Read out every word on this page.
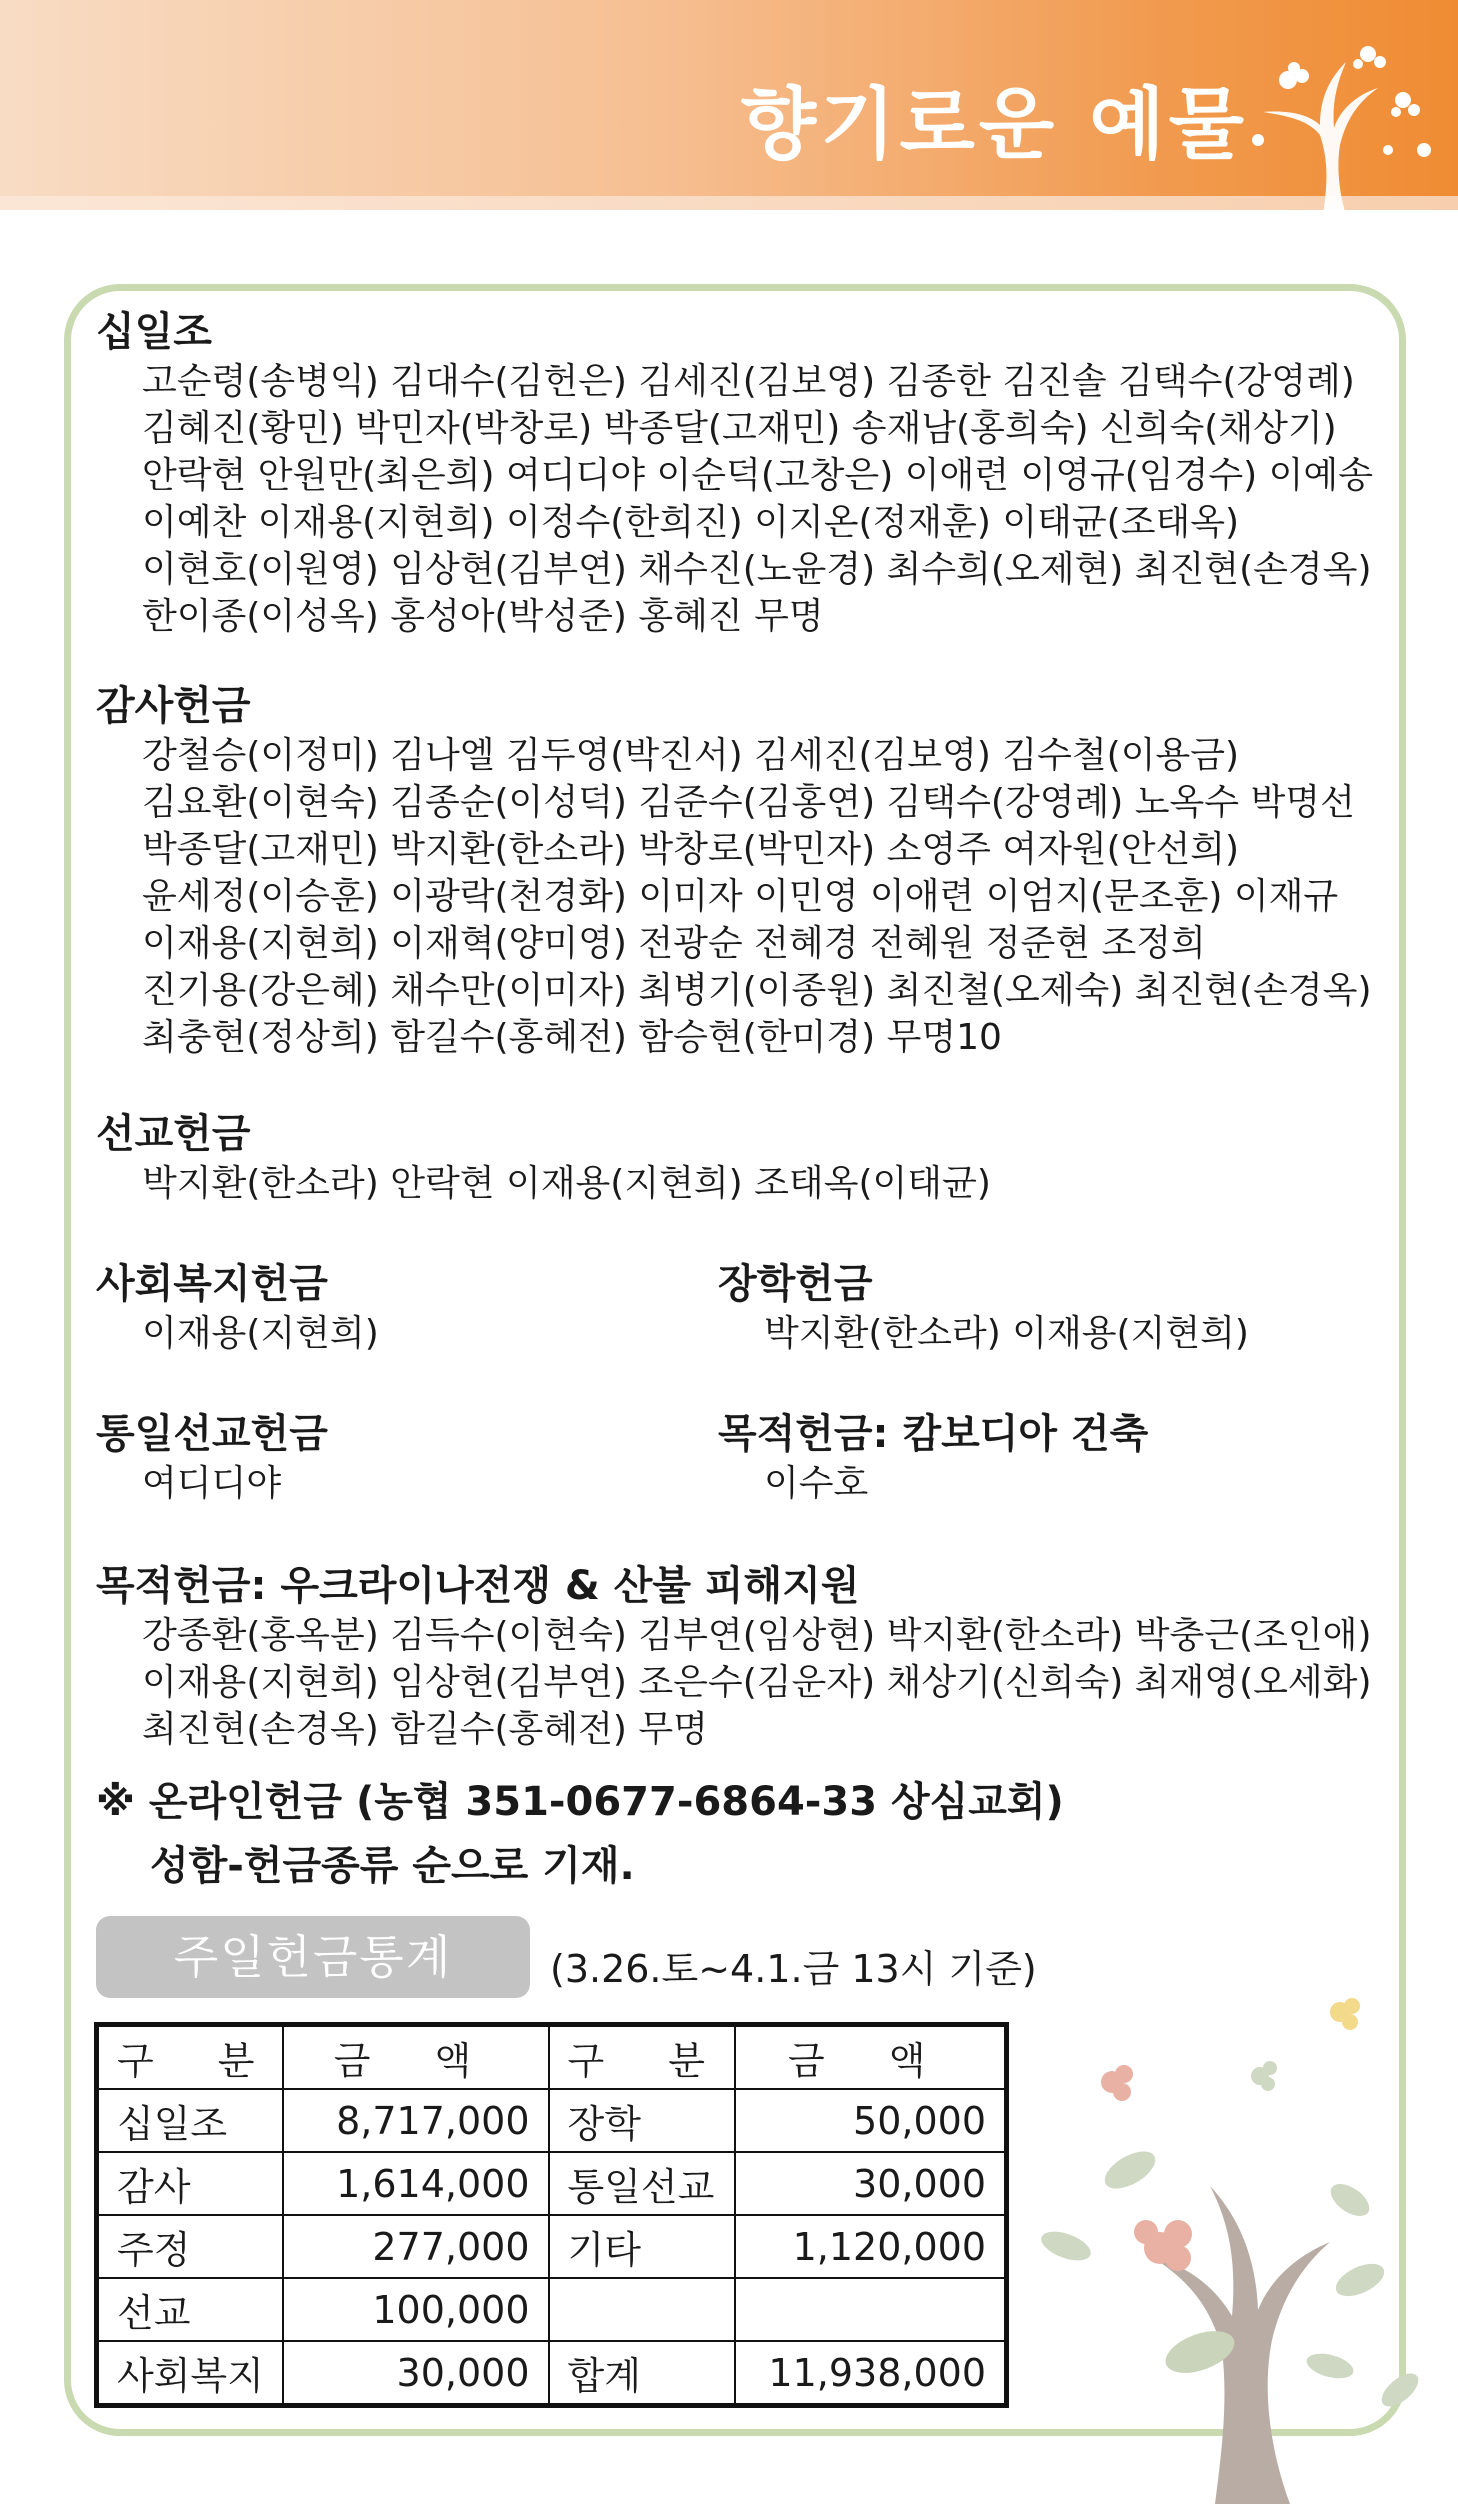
향기로운 예물
십일조
고순령(송병익) 김대수(김헌은) 김세진(김보영) 김종한 김진솔 김택수(강영례)
김혜진(황민) 박민자(박창로) 박종달(고재민) 송재남(홍희숙) 신희숙(채상기)
안락현 안원만(최은희) 여디디야 이순덕(고창은) 이애련 이영규(임경수) 이예송
이예찬 이재용(지현희) 이정수(한희진) 이지온(정재훈) 이태균(조태옥)
이현호(이원영) 임상현(김부연) 채수진(노윤경) 최수희(오제현) 최진현(손경옥)
한이종(이성옥) 홍성아(박성준) 홍혜진 무명
감사헌금
강철승(이정미) 김나엘 김두영(박진서) 김세진(김보영) 김수철(이용금)
김요환(이현숙) 김종순(이성덕) 김준수(김홍연) 김택수(강영례) 노옥수 박명선
박종달(고재민) 박지환(한소라) 박창로(박민자) 소영주 여자원(안선희)
윤세정(이승훈) 이광락(천경화) 이미자 이민영 이애련 이엄지(문조훈) 이재규
이재용(지현희) 이재혁(양미영) 전광순 전혜경 전혜원 정준현 조정희
진기용(강은혜) 채수만(이미자) 최병기(이종원) 최진철(오제숙) 최진현(손경옥)
최충현(정상희) 함길수(홍혜전) 함승현(한미경) 무명10
선교헌금
박지환(한소라) 안락현 이재용(지현희) 조태옥(이태균)
사회복지헌금
이재용(지현희)
장학헌금
박지환(한소라) 이재용(지현희)
통일선교헌금
여디디야
목적헌금: 캄보디아 건축
이수호
목적헌금: 우크라이나전쟁 & 산불 피해지원
강종환(홍옥분) 김득수(이현숙) 김부연(임상현) 박지환(한소라) 박충근(조인애)
이재용(지현희) 임상현(김부연) 조은수(김운자) 채상기(신희숙) 최재영(오세화)
최진현(손경옥) 함길수(홍혜전) 무명
※ 온라인헌금 (농협 351-0677-6864-33 상심교회)
성함-헌금종류 순으로 기재.
주일헌금통계	(3.26.토~4.1.금 13시 기준)
구 분	금 액	구 분	금 액
십일조	8,717,000	장학	50,000
감사	1,614,000	통일선교	30,000
주정	277,000	기타	1,120,000
선교	100,000		
사회복지	30,000	합계	11,938,000
